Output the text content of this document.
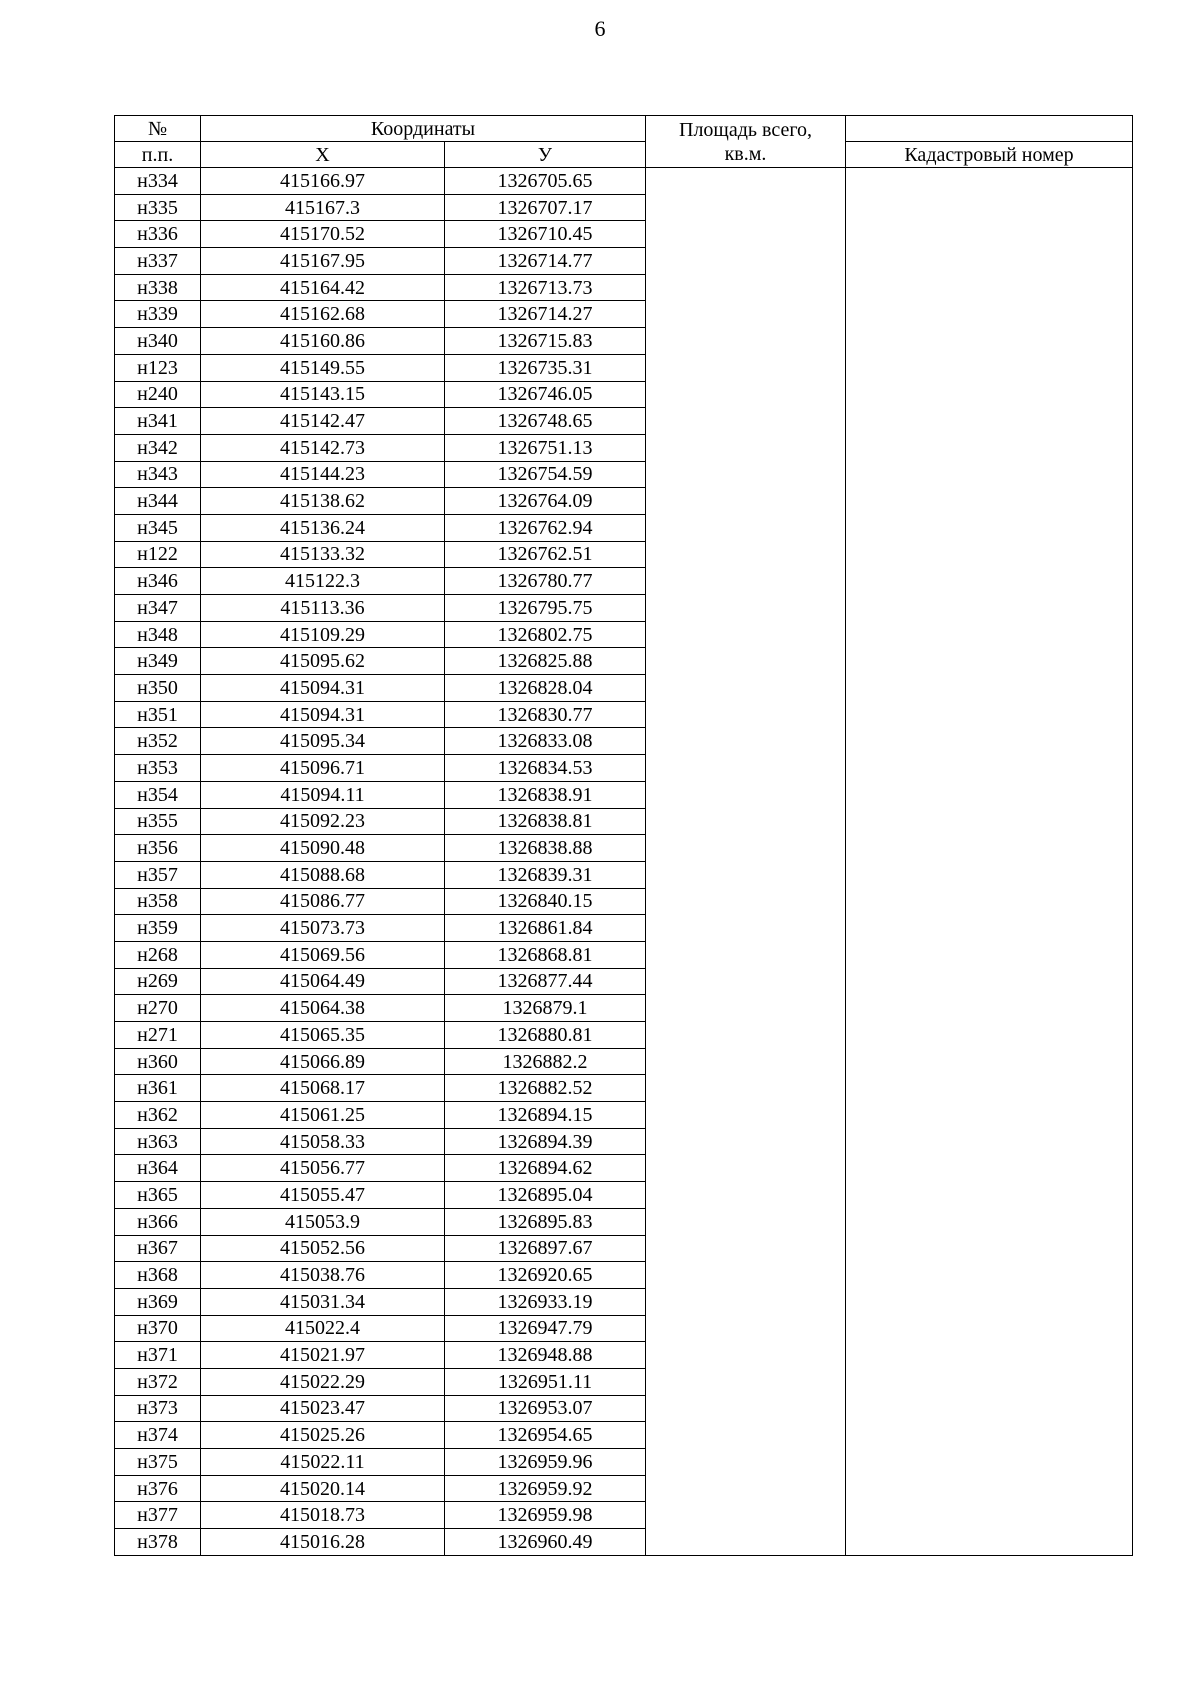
6
№	Координаты		Площадь всего,
кв.м.	

п.п.	X	У		Кадастровый номер
н334	415166.97	1326705.65		
н335	415167.3	1326707.17		
н336	415170.52	1326710.45		
н337	415167.95	1326714.77		
н338	415164.42	1326713.73		
н339	415162.68	1326714.27		
н340	415160.86	1326715.83		
н123	415149.55	1326735.31		
н240	415143.15	1326746.05		
н341	415142.47	1326748.65		
н342	415142.73	1326751.13		
н343	415144.23	1326754.59		
н344	415138.62	1326764.09		
н345	415136.24	1326762.94		
н122	415133.32	1326762.51		
н346	415122.3	1326780.77		
н347	415113.36	1326795.75		
н348	415109.29	1326802.75		
н349	415095.62	1326825.88		
н350	415094.31	1326828.04		
н351	415094.31	1326830.77		
н352	415095.34	1326833.08		
н353	415096.71	1326834.53		
н354	415094.11	1326838.91		
н355	415092.23	1326838.81		
н356	415090.48	1326838.88		
н357	415088.68	1326839.31		
н358	415086.77	1326840.15		
н359	415073.73	1326861.84		
н268	415069.56	1326868.81		
н269	415064.49	1326877.44		
н270	415064.38	1326879.1		
н271	415065.35	1326880.81		
н360	415066.89	1326882.2		
н361	415068.17	1326882.52		
н362	415061.25	1326894.15		
н363	415058.33	1326894.39		
н364	415056.77	1326894.62		
н365	415055.47	1326895.04		
н366	415053.9	1326895.83		
н367	415052.56	1326897.67		
н368	415038.76	1326920.65		
н369	415031.34	1326933.19		
н370	415022.4	1326947.79		
н371	415021.97	1326948.88		
н372	415022.29	1326951.11		
н373	415023.47	1326953.07		
н374	415025.26	1326954.65		
н375	415022.11	1326959.96		
н376	415020.14	1326959.92		
н377	415018.73	1326959.98		
н378	415016.28	1326960.49		
